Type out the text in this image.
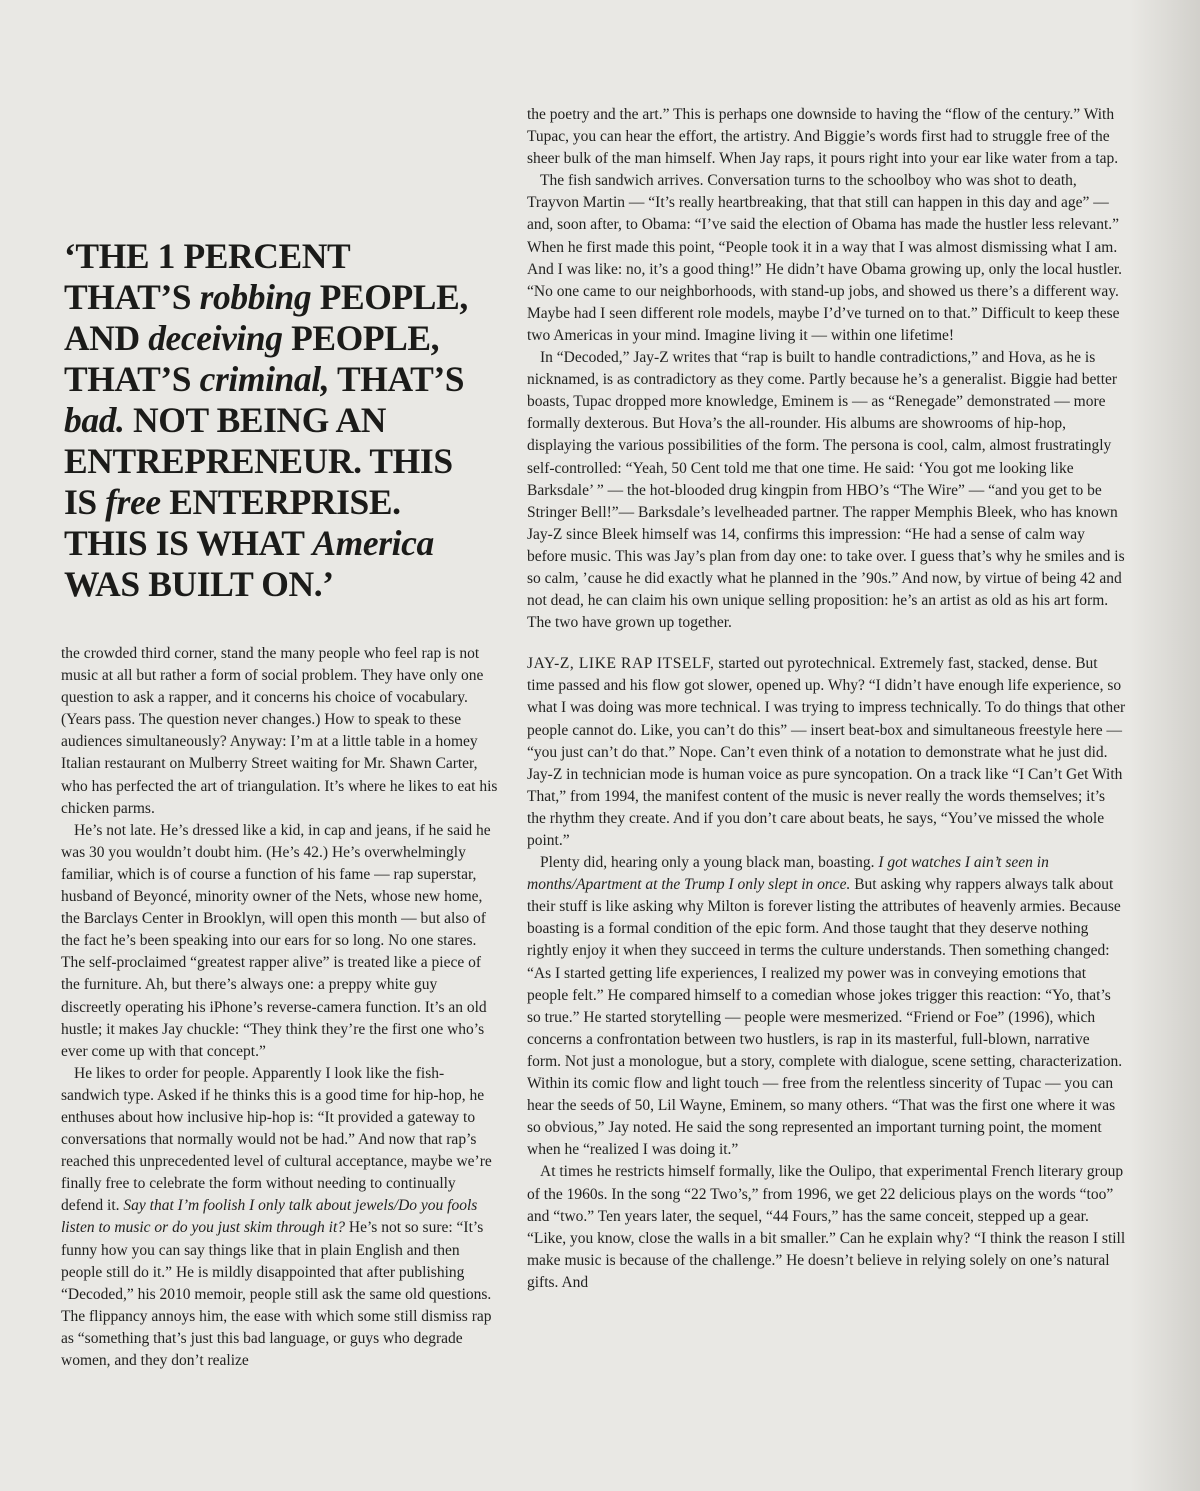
‘THE 1 PERCENT
THAT’S robbing PEOPLE,
AND deceiving PEOPLE,
THAT’S criminal, THAT’S
bad. NOT BEING AN
ENTREPRENEUR. THIS
IS free ENTERPRISE.
THIS IS WHAT America
WAS BUILT ON.’

the crowded third corner, stand the many people who feel rap is not music at all but rather a form of social problem. They have only one question to ask a rapper, and it concerns his choice of vocabulary. (Years pass. The question never changes.) How to speak to these audiences simultaneously? Anyway: I’m at a little table in a homey Italian restaurant on Mulberry Street waiting for Mr. Shawn Carter, who has perfected the art of triangulation. It’s where he likes to eat his chicken parms.

He’s not late. He’s dressed like a kid, in cap and jeans, if he said he was 30 you wouldn’t doubt him. (He’s 42.) He’s overwhelmingly familiar, which is of course a function of his fame — rap superstar, husband of Beyoncé, minority owner of the Nets, whose new home, the Barclays Center in Brooklyn, will open this month — but also of the fact he’s been speaking into our ears for so long. No one stares. The self-proclaimed “greatest rapper alive” is treated like a piece of the furniture. Ah, but there’s always one: a preppy white guy discreetly operating his iPhone’s reverse-camera function. It’s an old hustle; it makes Jay chuckle: “They think they’re the first one who’s ever come up with that concept.”

He likes to order for people. Apparently I look like the fish-sandwich type. Asked if he thinks this is a good time for hip-hop, he enthuses about how inclusive hip-hop is: “It provided a gateway to conversations that normally would not be had.” And now that rap’s reached this unprecedented level of cultural acceptance, maybe we’re finally free to celebrate the form without needing to continually defend it. Say that I’m foolish I only talk about jewels/Do you fools listen to music or do you just skim through it? He’s not so sure: “It’s funny how you can say things like that in plain English and then people still do it.” He is mildly disappointed that after publishing “Decoded,” his 2010 memoir, people still ask the same old questions. The flippancy annoys him, the ease with which some still dismiss rap as “something that’s just this bad language, or guys who degrade women, and they don’t realize

the poetry and the art.” This is perhaps one downside to having the “flow of the century.” With Tupac, you can hear the effort, the artistry. And Biggie’s words first had to struggle free of the sheer bulk of the man himself. When Jay raps, it pours right into your ear like water from a tap.

The fish sandwich arrives. Conversation turns to the schoolboy who was shot to death, Trayvon Martin — “It’s really heartbreaking, that that still can happen in this day and age” — and, soon after, to Obama: “I’ve said the election of Obama has made the hustler less relevant.” When he first made this point, “People took it in a way that I was almost dismissing what I am. And I was like: no, it’s a good thing!” He didn’t have Obama growing up, only the local hustler. “No one came to our neighborhoods, with stand-up jobs, and showed us there’s a different way. Maybe had I seen different role models, maybe I’d’ve turned on to that.” Difficult to keep these two Americas in your mind. Imagine living it — within one lifetime!

In “Decoded,” Jay-Z writes that “rap is built to handle contradictions,” and Hova, as he is nicknamed, is as contradictory as they come. Partly because he’s a generalist. Biggie had better boasts, Tupac dropped more knowledge, Eminem is — as “Renegade” demonstrated — more formally dexterous. But Hova’s the all-rounder. His albums are showrooms of hip-hop, displaying the various possibilities of the form. The persona is cool, calm, almost frustratingly self-controlled: “Yeah, 50 Cent told me that one time. He said: ‘You got me looking like Barksdale’ ” — the hot-blooded drug kingpin from HBO’s “The Wire” — “and you get to be Stringer Bell!”— Barksdale’s levelheaded partner. The rapper Memphis Bleek, who has known Jay-Z since Bleek himself was 14, confirms this impression: “He had a sense of calm way before music. This was Jay’s plan from day one: to take over. I guess that’s why he smiles and is so calm, ’cause he did exactly what he planned in the ’90s.” And now, by virtue of being 42 and not dead, he can claim his own unique selling proposition: he’s an artist as old as his art form. The two have grown up together.

JAY-Z, LIKE RAP ITSELF, started out pyrotechnical. Extremely fast, stacked, dense. But time passed and his flow got slower, opened up. Why? “I didn’t have enough life experience, so what I was doing was more technical. I was trying to impress technically. To do things that other people cannot do. Like, you can’t do this” — insert beat-box and simultaneous freestyle here — “you just can’t do that.” Nope. Can’t even think of a notation to demonstrate what he just did. Jay-Z in technician mode is human voice as pure syncopation. On a track like “I Can’t Get With That,” from 1994, the manifest content of the music is never really the words themselves; it’s the rhythm they create. And if you don’t care about beats, he says, “You’ve missed the whole point.”

Plenty did, hearing only a young black man, boasting. I got watches I ain’t seen in months/Apartment at the Trump I only slept in once. But asking why rappers always talk about their stuff is like asking why Milton is forever listing the attributes of heavenly armies. Because boasting is a formal condition of the epic form. And those taught that they deserve nothing rightly enjoy it when they succeed in terms the culture understands. Then something changed: “As I started getting life experiences, I realized my power was in conveying emotions that people felt.” He compared himself to a comedian whose jokes trigger this reaction: “Yo, that’s so true.” He started storytelling — people were mesmerized. “Friend or Foe” (1996), which concerns a confrontation between two hustlers, is rap in its masterful, full-blown, narrative form. Not just a monologue, but a story, complete with dialogue, scene setting, characterization. Within its comic flow and light touch — free from the relentless sincerity of Tupac — you can hear the seeds of 50, Lil Wayne, Eminem, so many others. “That was the first one where it was so obvious,” Jay noted. He said the song represented an important turning point, the moment when he “realized I was doing it.”

At times he restricts himself formally, like the Oulipo, that experimental French literary group of the 1960s. In the song “22 Two’s,” from 1996, we get 22 delicious plays on the words “too” and “two.” Ten years later, the sequel, “44 Fours,” has the same conceit, stepped up a gear. “Like, you know, close the walls in a bit smaller.” Can he explain why? “I think the reason I still make music is because of the challenge.” He doesn’t believe in relying solely on one’s natural gifts. And
